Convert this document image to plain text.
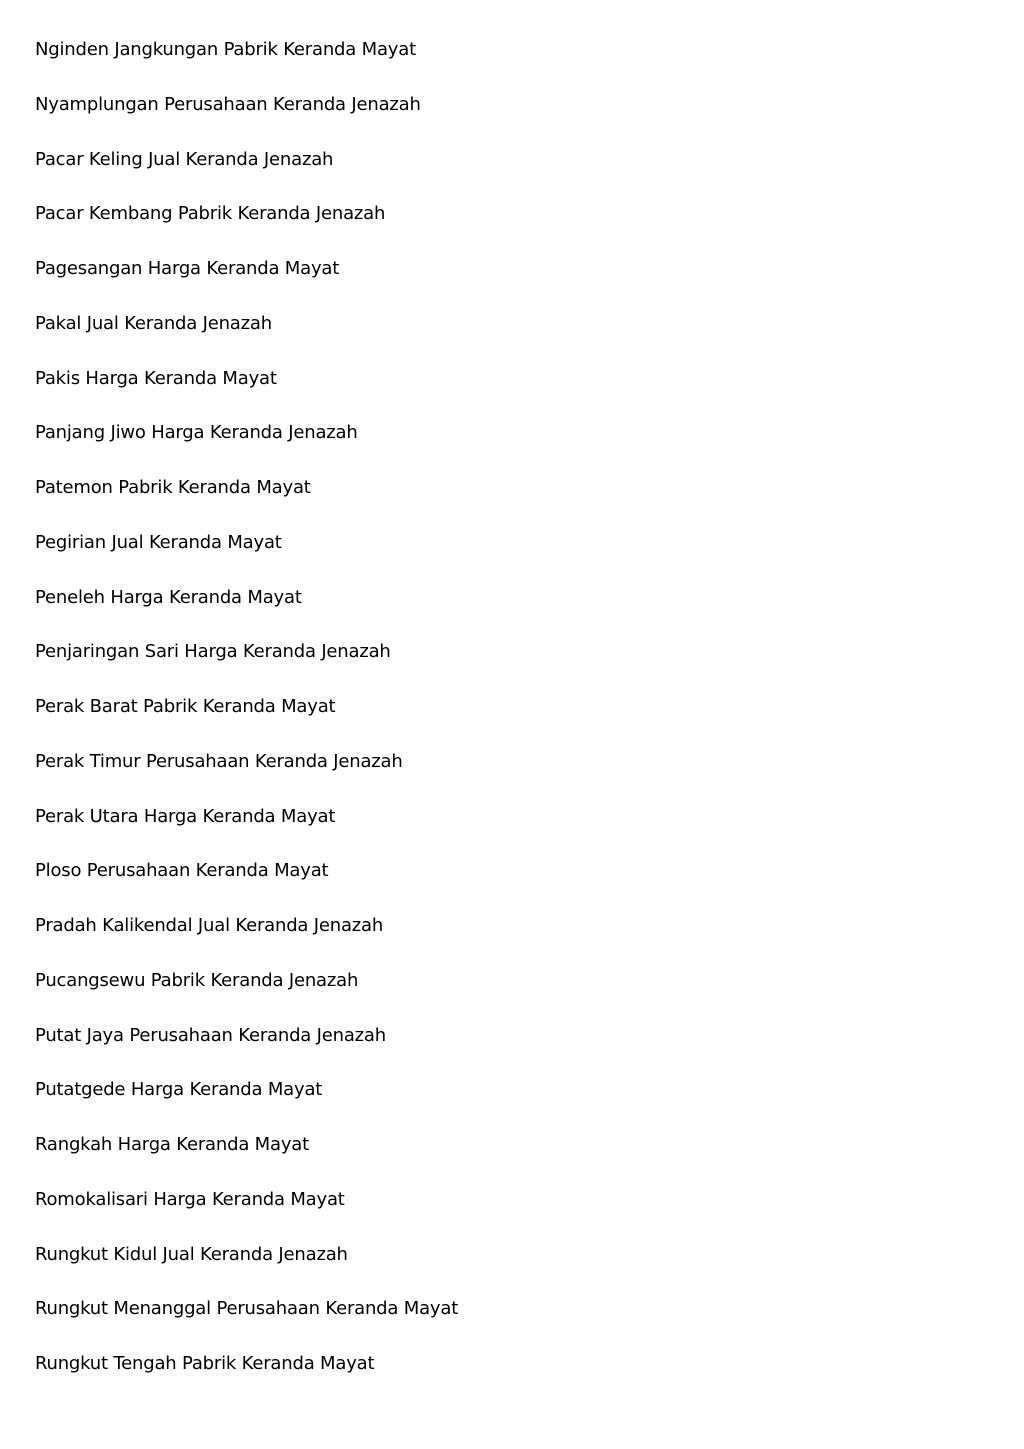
Nginden Jangkungan Pabrik Keranda Mayat
Nyamplungan Perusahaan Keranda Jenazah
Pacar Keling Jual Keranda Jenazah
Pacar Kembang Pabrik Keranda Jenazah
Pagesangan Harga Keranda Mayat
Pakal Jual Keranda Jenazah
Pakis Harga Keranda Mayat
Panjang Jiwo Harga Keranda Jenazah
Patemon Pabrik Keranda Mayat
Pegirian Jual Keranda Mayat
Peneleh Harga Keranda Mayat
Penjaringan Sari Harga Keranda Jenazah
Perak Barat Pabrik Keranda Mayat
Perak Timur Perusahaan Keranda Jenazah
Perak Utara Harga Keranda Mayat
Ploso Perusahaan Keranda Mayat
Pradah Kalikendal Jual Keranda Jenazah
Pucangsewu Pabrik Keranda Jenazah
Putat Jaya Perusahaan Keranda Jenazah
Putatgede Harga Keranda Mayat
Rangkah Harga Keranda Mayat
Romokalisari Harga Keranda Mayat
Rungkut Kidul Jual Keranda Jenazah
Rungkut Menanggal Perusahaan Keranda Mayat
Rungkut Tengah Pabrik Keranda Mayat
